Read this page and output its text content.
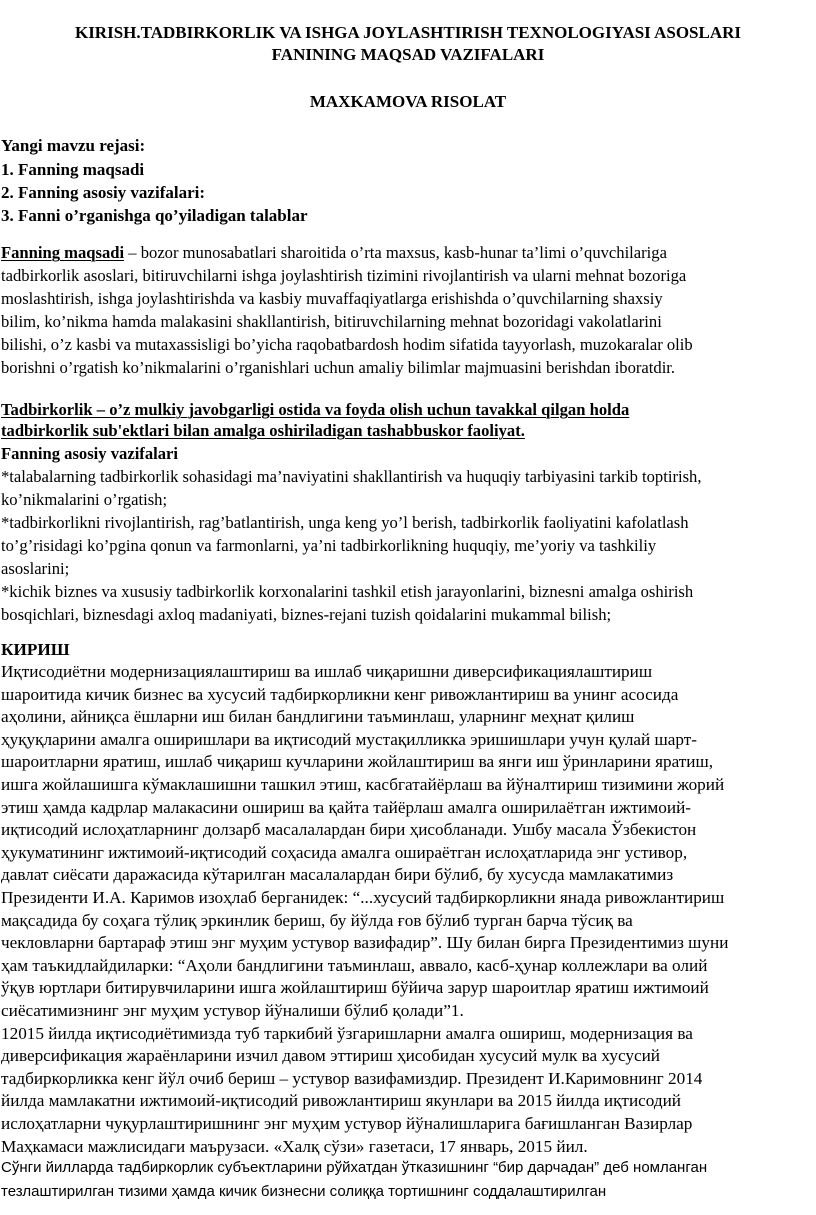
KIRISH.TADBIRKORLIK VA ISHGA JOYLASHTIRISH TEXNOLOGIYASI ASOSLARI
FANINING MAQSAD VAZIFALARI
MAXKAMOVA RISOLAT
Yangi mavzu rejasi:
1. Fanning maqsadi
2. Fanning asosiy vazifalari:
3. Fanni o’rganishga qo’yiladigan talablar
Fanning maqsadi – bozor munosabatlari sharoitida o’rta maxsus, kasb-hunar ta’limi o’quvchilariga
tadbirkorlik asoslari, bitiruvchilarni ishga joylashtirish tizimini rivojlantirish va ularni mehnat bozoriga
moslashtirish, ishga joylashtirishda va kasbiy muvaffaqiyatlarga erishishda o’quvchilarning shaxsiy
bilim, ko’nikma hamda malakasini shakllantirish, bitiruvchilarning mehnat bozoridagi vakolatlarini
bilishi, o’z kasbi va mutaxassisligi bo’yicha raqobatbardosh hodim sifatida tayyorlash, muzokaralar olib
borishni o’rgatish ko’nikmalarini o’rganishlari uchun amaliy bilimlar majmuasini berishdan iboratdir.
Tadbirkorlik – o’z mulkiy javobgarligi ostida va foyda olish uchun tavakkal qilgan holda
tadbirkorlik sub'ektlari bilan amalga oshiriladigan tashabbuskor faoliyat.
Fanning asosiy vazifalari
*talabalarning tadbirkorlik sohasidagi ma’naviyatini shakllantirish va huquqiy tarbiyasini tarkib toptirish,
ko’nikmalarini o’rgatish;
*tadbirkorlikni rivojlantirish, rag’batlantirish, unga keng yo’l berish, tadbirkorlik faoliyatini kafolatlash
to’g’risidagi ko’pgina qonun va farmonlarni, ya’ni tadbirkorlikning huquqiy, me’yoriy va tashkiliy
asoslarini;
*kichik biznes va xususiy tadbirkorlik korxonalarini tashkil etish jarayonlarini, biznesni amalga oshirish
bosqichlari, biznesdagi axloq madaniyati, biznes-rejani tuzish qoidalarini mukammal bilish;
КИРИШ
Иқтисодиётни модернизациялаштириш ва ишлаб чиқаришни диверсификациялаштириш
шароитида кичик бизнес ва хусусий тадбиркорликни кенг ривожлантириш ва унинг асосида
аҳолини, айниқса ёшларни иш билан бандлигини таъминлаш, уларнинг меҳнат қилиш
ҳуқуқларини амалга оширишлари ва иқтисодий мустақилликка эришишлари учун қулай шарт-
шароитларни яратиш, ишлаб чиқариш кучларини жойлаштириш ва янги иш ўринларини яратиш,
ишга жойлашишга кўмаклашишни ташкил этиш, касбгатайёрлаш ва йўналтириш тизимини жорий
этиш ҳамда кадрлар малакасини ошириш ва қайта тайёрлаш амалга оширилаётган ижтимоий-
иқтисодий ислоҳатларнинг долзарб масалалардан бири ҳисобланади. Ушбу масала Ўзбекистон
ҳукуматининг ижтимоий-иқтисодий соҳасида амалга ошираётган ислоҳатларида энг устивор,
давлат сиёсати даражасида кўтарилган масалалардан бири бўлиб, бу хусусда мамлакатимиз
Президенти И.А. Каримов изоҳлаб берганидек: “...хусусий тадбиркорликни янада ривожлантириш
мақсадида бу соҳага тўлиқ эркинлик бериш, бу йўлда ғов бўлиб турган барча тўсиқ ва
чекловларни бартараф этиш энг муҳим устувор вазифадир”. Шу билан бирга Президентимиз шуни
ҳам таъкидлайдиларки: “Аҳоли бандлигини таъминлаш, аввало, касб-ҳунар коллежлари ва олий
ўқув юртлари битирувчиларини ишга жойлаштириш бўйича зарур шароитлар яратиш ижтимоий
сиёсатимизнинг энг муҳим устувор йўналиши бўлиб қолади”1.
12015 йилда иқтисодиётимизда туб таркибий ўзгаришларни амалга ошириш, модернизация ва
диверсификация жараёнларини изчил давом эттириш ҳисобидан хусусий мулк ва хусусий
тадбиркорликка кенг йўл очиб бериш – устувор вазифамиздир. Президент И.Каримовнинг 2014
йилда мамлакатни ижтимоий-иқтисодий ривожлантириш якунлари ва 2015 йилда иқтисодий
ислоҳатларни чуқурлаштиришнинг энг муҳим устувор йўналишларига бағишланган Вазирлар
Маҳкамаси мажлисидаги маърузаси. «Халқ сўзи» газетаси, 17 январь, 2015 йил.
Сўнги йилларда тадбиркорлик субъектларини рўйхатдан ўтказишнинг “бир дарчадан” деб номланган
тезлаштирилган тизими ҳамда кичик бизнесни солиққа тортишнинг соддалаштирилган
